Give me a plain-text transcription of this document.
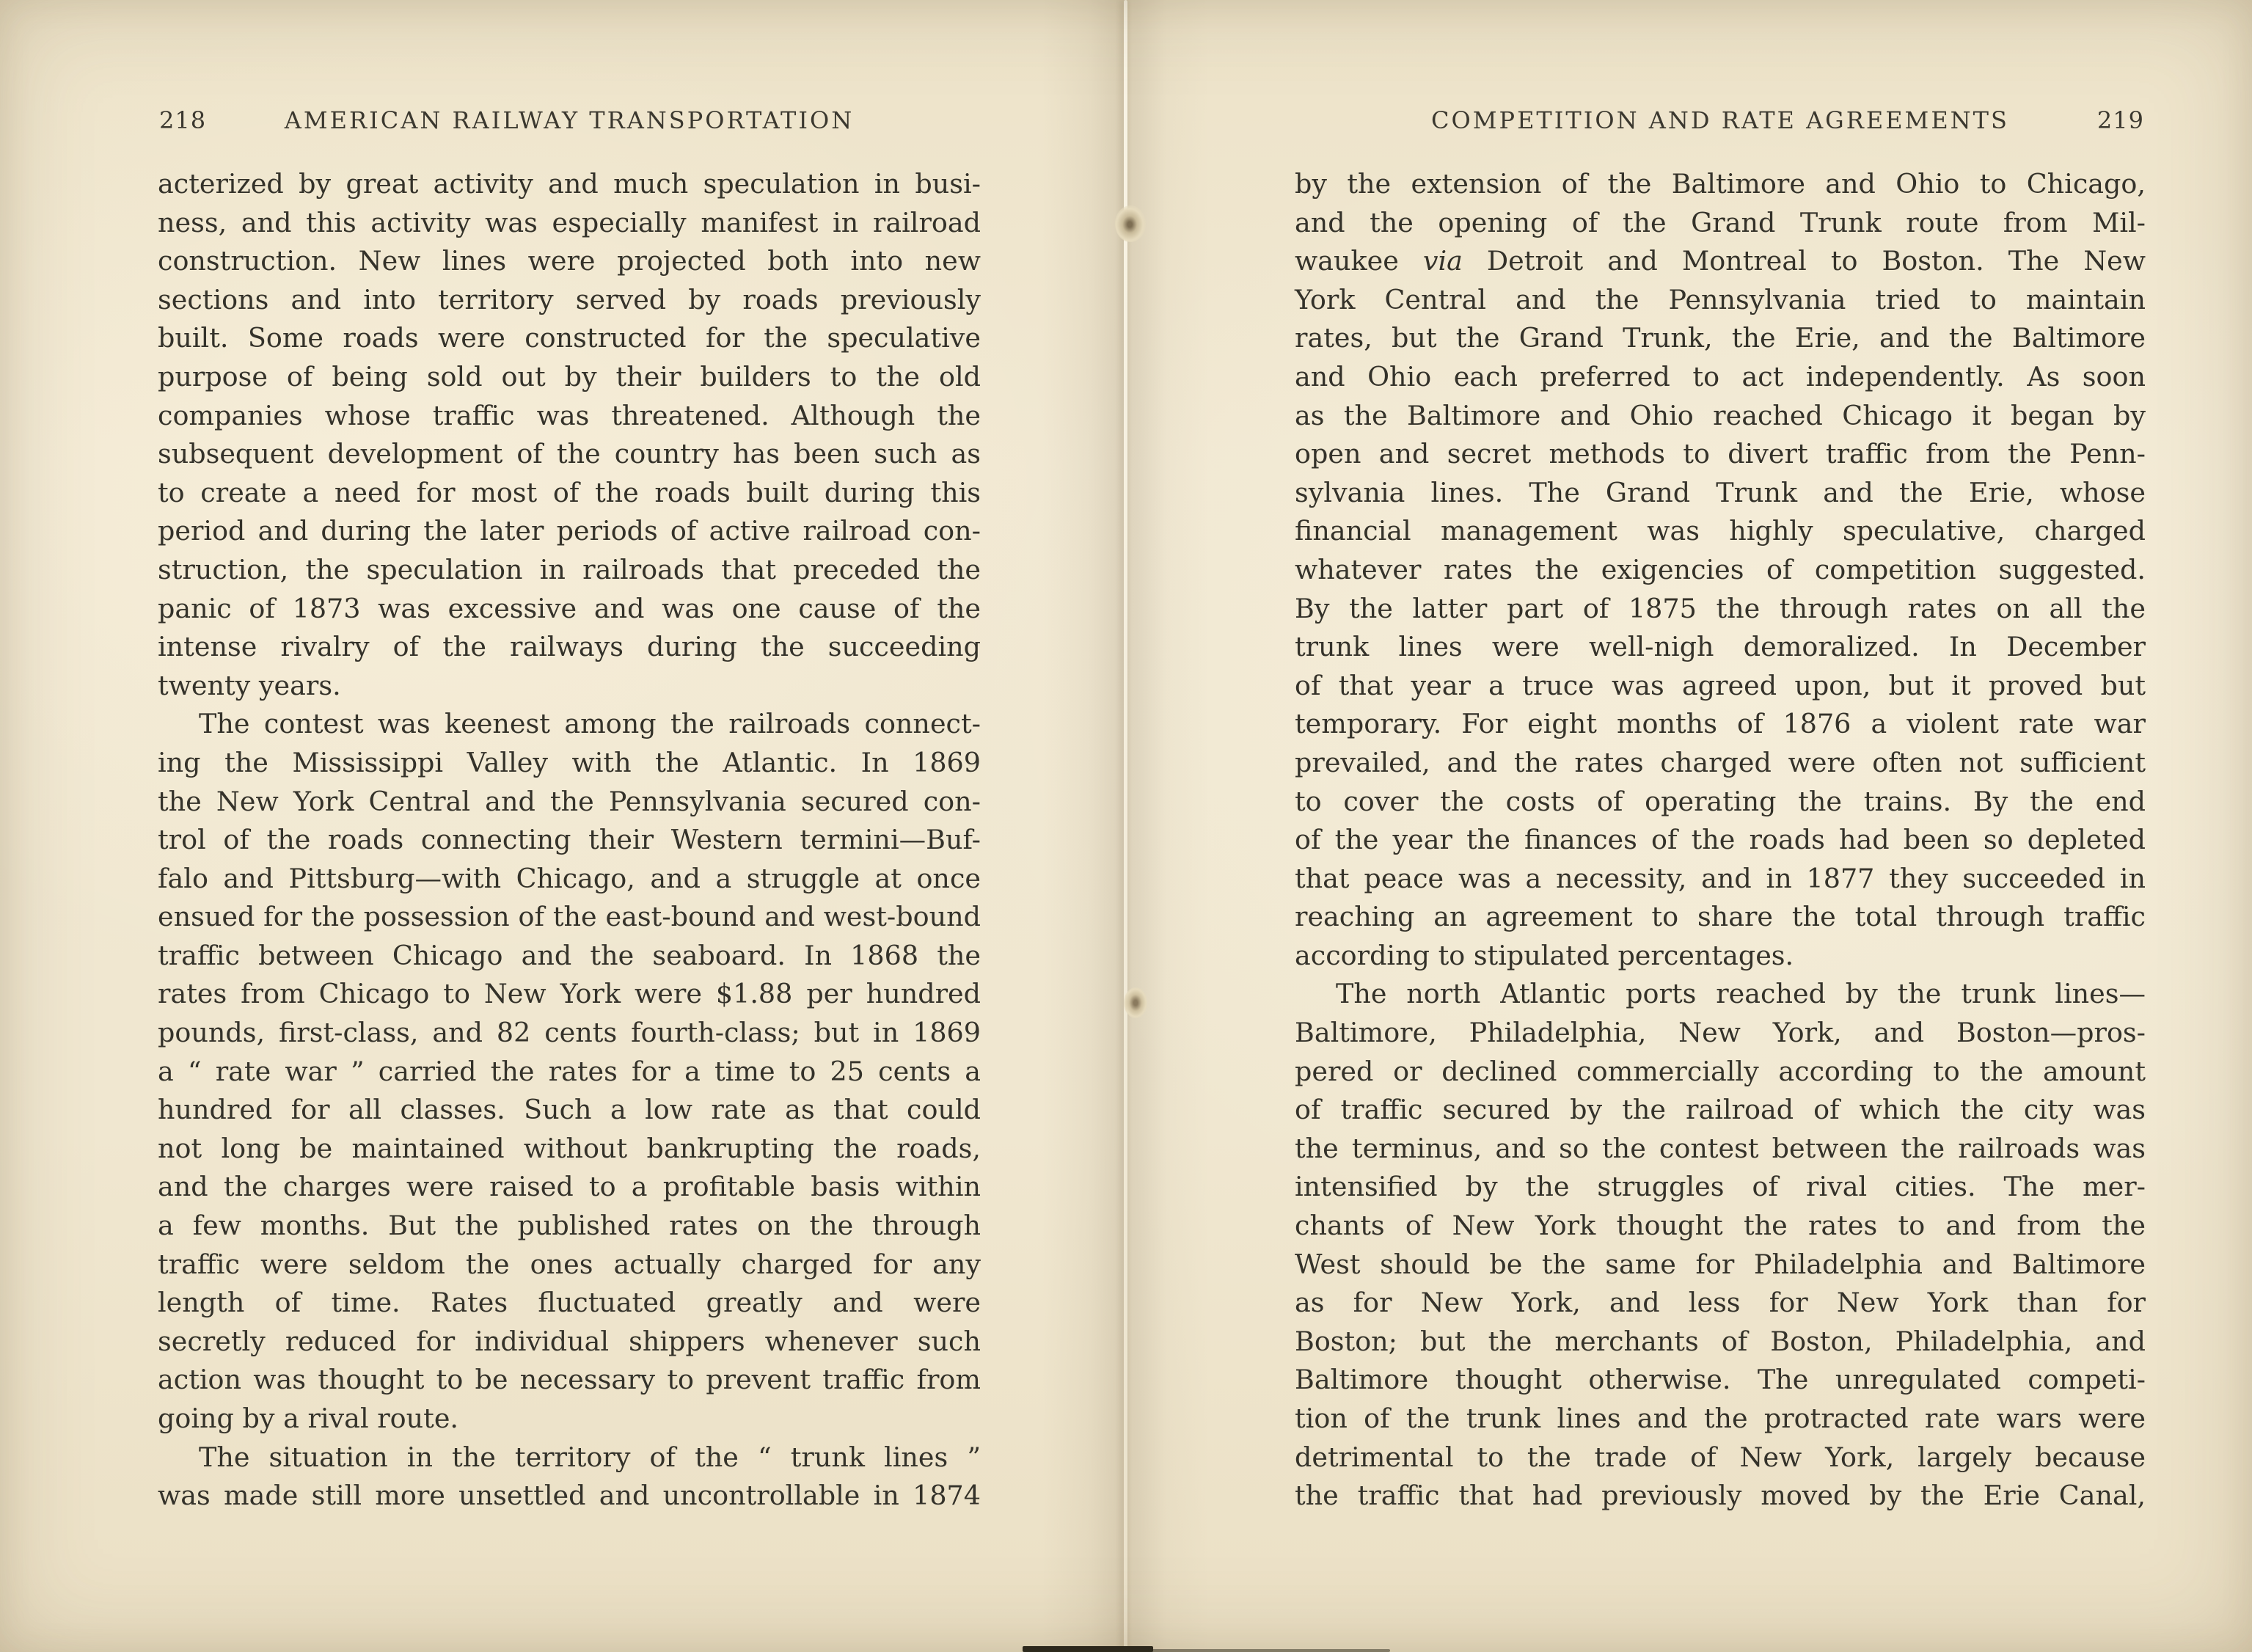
218	AMERICAN RAILWAY TRANSPORTATION
acterized by great activity and much speculation in busi-
ness, and this activity was especially manifest in railroad
construction. New lines were projected both into new
sections and into territory served by roads previously
built. Some roads were constructed for the speculative
purpose of being sold out by their builders to the old
companies whose traffic was threatened. Although the
subsequent development of the country has been such as
to create a need for most of the roads built during this
period and during the later periods of active railroad con-
struction, the speculation in railroads that preceded the
panic of 1873 was excessive and was one cause of the
intense rivalry of the railways during the succeeding
twenty years.
The contest was keenest among the railroads connect-
ing the Mississippi Valley with the Atlantic. In 1869
the New York Central and the Pennsylvania secured con-
trol of the roads connecting their Western termini—Buf-
falo and Pittsburg—with Chicago, and a struggle at once
ensued for the possession of the east-bound and west-bound
traffic between Chicago and the seaboard. In 1868 the
rates from Chicago to New York were $1.88 per hundred
pounds, first-class, and 82 cents fourth-class; but in 1869
a “ rate war ” carried the rates for a time to 25 cents a
hundred for all classes. Such a low rate as that could
not long be maintained without bankrupting the roads,
and the charges were raised to a profitable basis within
a few months. But the published rates on the through
traffic were seldom the ones actually charged for any
length of time. Rates fluctuated greatly and were
secretly reduced for individual shippers whenever such
action was thought to be necessary to prevent traffic from
going by a rival route.
The situation in the territory of the “ trunk lines ”
was made still more unsettled and uncontrollable in 1874
COMPETITION AND RATE AGREEMENTS	219
by the extension of the Baltimore and Ohio to Chicago,
and the opening of the Grand Trunk route from Mil-
waukee via Detroit and Montreal to Boston. The New
York Central and the Pennsylvania tried to maintain
rates, but the Grand Trunk, the Erie, and the Baltimore
and Ohio each preferred to act independently. As soon
as the Baltimore and Ohio reached Chicago it began by
open and secret methods to divert traffic from the Penn-
sylvania lines. The Grand Trunk and the Erie, whose
financial management was highly speculative, charged
whatever rates the exigencies of competition suggested.
By the latter part of 1875 the through rates on all the
trunk lines were well-nigh demoralized. In December
of that year a truce was agreed upon, but it proved but
temporary. For eight months of 1876 a violent rate war
prevailed, and the rates charged were often not sufficient
to cover the costs of operating the trains. By the end
of the year the finances of the roads had been so depleted
that peace was a necessity, and in 1877 they succeeded in
reaching an agreement to share the total through traffic
according to stipulated percentages.
The north Atlantic ports reached by the trunk lines—
Baltimore, Philadelphia, New York, and Boston—pros-
pered or declined commercially according to the amount
of traffic secured by the railroad of which the city was
the terminus, and so the contest between the railroads was
intensified by the struggles of rival cities. The mer-
chants of New York thought the rates to and from the
West should be the same for Philadelphia and Baltimore
as for New York, and less for New York than for
Boston; but the merchants of Boston, Philadelphia, and
Baltimore thought otherwise. The unregulated competi-
tion of the trunk lines and the protracted rate wars were
detrimental to the trade of New York, largely because
the traffic that had previously moved by the Erie Canal,
